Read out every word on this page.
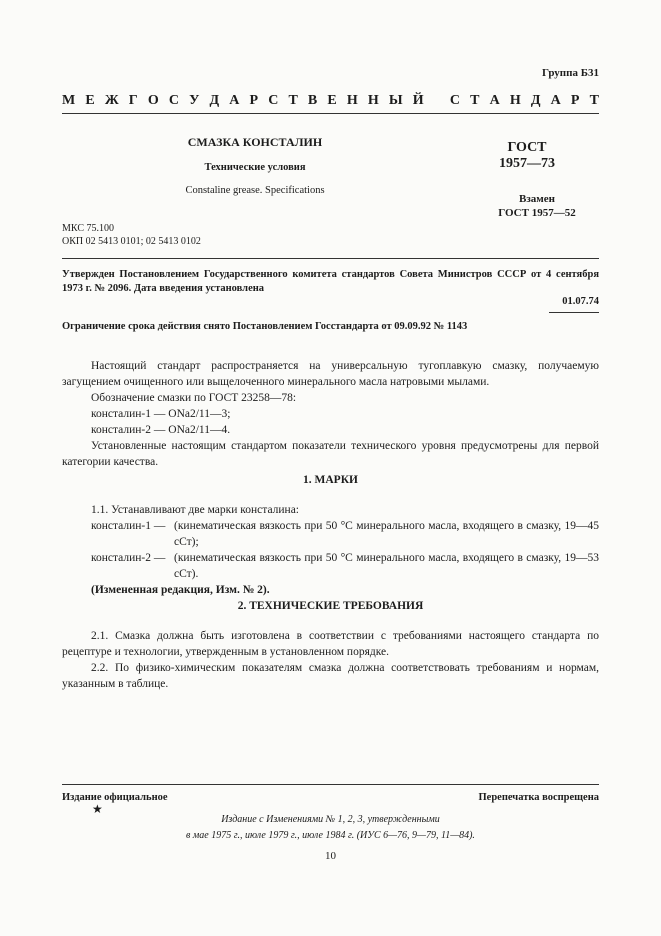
Группа Б31
М Е Ж Г О С У Д А Р С Т В Е Н Н Ы Й С Т А Н Д А Р Т
СМАЗКА КОНСТАЛИН
Технические условия
Constaline grease. Specifications
ГОСТ
1957—73
Взамен
ГОСТ 1957—52
МКС 75.100
ОКП 02 5413 0101; 02 5413 0102
Утвержден Постановлением Государственного комитета стандартов Совета Министров СССР от 4 сентября 1973 г. № 2096. Дата введения установлена
01.07.74
Ограничение срока действия снято Постановлением Госстандарта от 09.09.92 № 1143

Настоящий стандарт распространяется на универсальную тугоплавкую смазку, получаемую загущением очищенного или выщелоченного минерального масла натровыми мылами.

Обозначение смазки по ГОСТ 23258—78:

консталин-1 — ONa2/11—3;

консталин-2 — ONa2/11—4.

Установленные настоящим стандартом показатели технического уровня предусмотрены для первой категории качества.

1. МАРКИ

1.1. Устанавливают две марки консталина:

консталин-1 — (кинематическая вязкость при 50 °С минерального масла, входящего в смазку, 19—45 сСт);
консталин-2 — (кинематическая вязкость при 50 °С минерального масла, входящего в смазку, 19—53 сСт).

(Измененная редакция, Изм. № 2).

2. ТЕХНИЧЕСКИЕ ТРЕБОВАНИЯ

2.1. Смазка должна быть изготовлена в соответствии с требованиями настоящего стандарта по рецептуре и технологии, утвержденным в установленном порядке.

2.2. По физико-химическим показателям смазка должна соответствовать требованиям и нормам, указанным в таблице.

Издание официальное	Перепечатка воспрещена
★
Издание с Изменениями № 1, 2, 3, утвержденными
в мае 1975 г., июле 1979 г., июле 1984 г. (ИУС 6—76, 9—79, 11—84).
10
